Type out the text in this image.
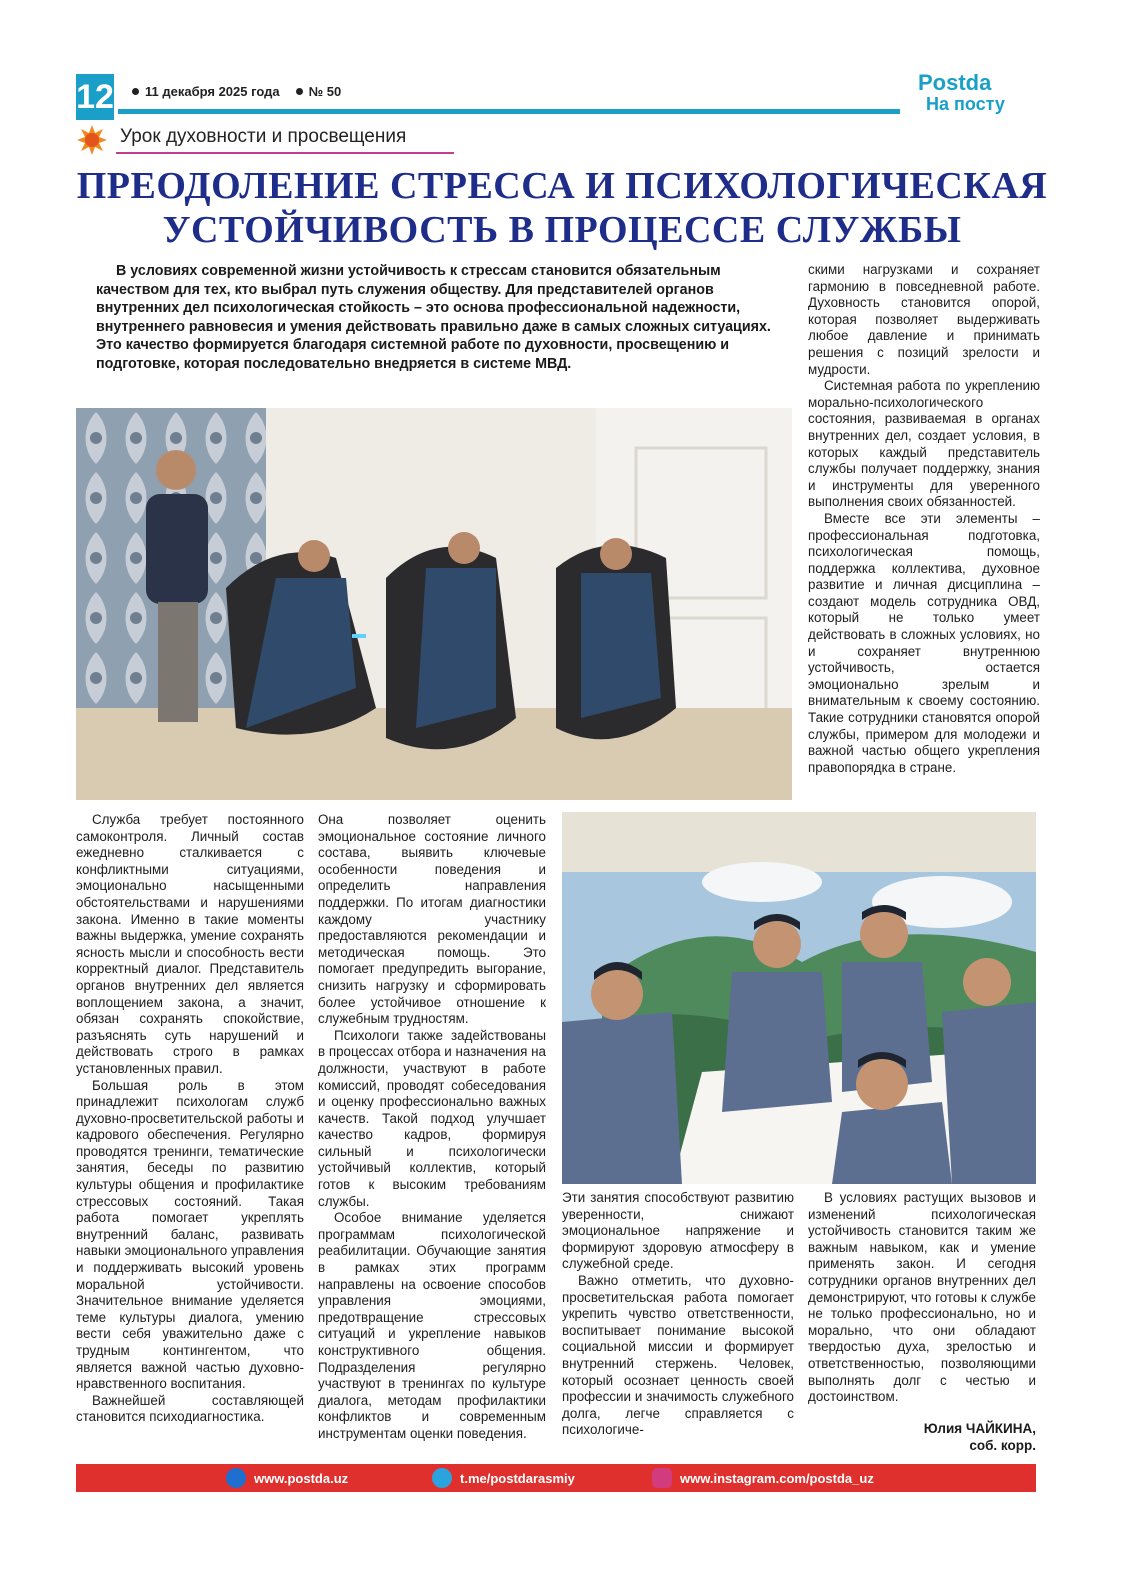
12	11 декабря 2025 года № 50	Postda
На посту
Урок духовности и просвещения
ПРЕОДОЛЕНИЕ СТРЕССА И ПСИХОЛОГИЧЕСКАЯ
УСТОЙЧИВОСТЬ В ПРОЦЕССЕ СЛУЖБЫ
В условиях современной жизни устойчивость к стрессам становится обязательным качеством для тех, кто выбрал путь служения обществу. Для представителей органов внутренних дел психологическая стойкость – это основа профессиональной надежности, внутреннего равновесия и умения действовать правильно даже в самых сложных ситуациях. Это качество формируется благодаря системной работе по духовности, просвещению и подготовке, которая последовательно внедряется в системе МВД.

скими нагрузками и сохраняет гармонию в повседневной работе. Духовность становится опорой, которая позволяет выдерживать любое давление и принимать решения с позиций зрелости и мудрости.

Системная работа по укреплению морально-психологического состояния, развиваемая в органах внутренних дел, создает условия, в которых каждый представитель службы получает поддержку, знания и инструменты для уверенного выполнения своих обязанностей.

Вместе все эти элементы – профессиональная подготовка, психологическая помощь, поддержка коллектива, духовное развитие и личная дисциплина – создают модель сотрудника ОВД, который не только умеет действовать в сложных условиях, но и сохраняет внутреннюю устойчивость, остается эмоционально зрелым и внимательным к своему состоянию. Такие сотрудники становятся опорой службы, примером для молодежи и важной частью общего укрепления правопорядка в стране.

Служба требует постоянного самоконтроля. Личный состав ежедневно сталкивается с конфликтными ситуациями, эмоционально насыщенными обстоятельствами и нарушениями закона. Именно в такие моменты важны выдержка, умение сохранять ясность мысли и способность вести корректный диалог. Представитель органов внутренних дел является воплощением закона, а значит, обязан сохранять спокойствие, разъяснять суть нарушений и действовать строго в рамках установленных правил.

Большая роль в этом принадлежит психологам служб духовно-просветительской работы и кадрового обеспечения. Регулярно проводятся тренинги, тематические занятия, беседы по развитию культуры общения и профилактике стрессовых состояний. Такая работа помогает укреплять внутренний баланс, развивать навыки эмоционального управления и поддерживать высокий уровень моральной устойчивости. Значительное внимание уделяется теме культуры диалога, умению вести себя уважительно даже с трудным контингентом, что является важной частью духовно-нравственного воспитания.

Важнейшей составляющей становится психодиагностика.

Она позволяет оценить эмоциональное состояние личного состава, выявить ключевые особенности поведения и определить направления поддержки. По итогам диагностики каждому участнику предоставляются рекомендации и методическая помощь. Это помогает предупредить выгорание, снизить нагрузку и сформировать более устойчивое отношение к служебным трудностям.

Психологи также задействованы в процессах отбора и назначения на должности, участвуют в работе комиссий, проводят собеседования и оценку профессионально важных качеств. Такой подход улучшает качество кадров, формируя сильный и психологически устойчивый коллектив, который готов к высоким требованиям службы.

Особое внимание уделяется программам психологической реабилитации. Обучающие занятия в рамках этих программ направлены на освоение способов управления эмоциями, предотвращение стрессовых ситуаций и укрепление навыков конструктивного общения. Подразделения регулярно участвуют в тренингах по культуре диалога, методам профилактики конфликтов и современным инструментам оценки поведения.

Эти занятия способствуют развитию уверенности, снижают эмоциональное напряжение и формируют здоровую атмосферу в служебной среде.

Важно отметить, что духовно-просветительская работа помогает укрепить чувство ответственности, воспитывает понимание высокой социальной миссии и формирует внутренний стержень. Человек, который осознает ценность своей профессии и значимость служебного долга, легче справляется с психологиче-

В условиях растущих вызовов и изменений психологическая устойчивость становится таким же важным навыком, как и умение применять закон. И сегодня сотрудники органов внутренних дел демонстрируют, что готовы к службе не только профессионально, но и морально, что они обладают твердостью духа, зрелостью и ответственностью, позволяющими выполнять долг с честью и достоинством.

Юлия ЧАЙКИНА,
соб. корр.
www.postda.uz	t.me/postdarasmiy	www.instagram.com/postda_uz
